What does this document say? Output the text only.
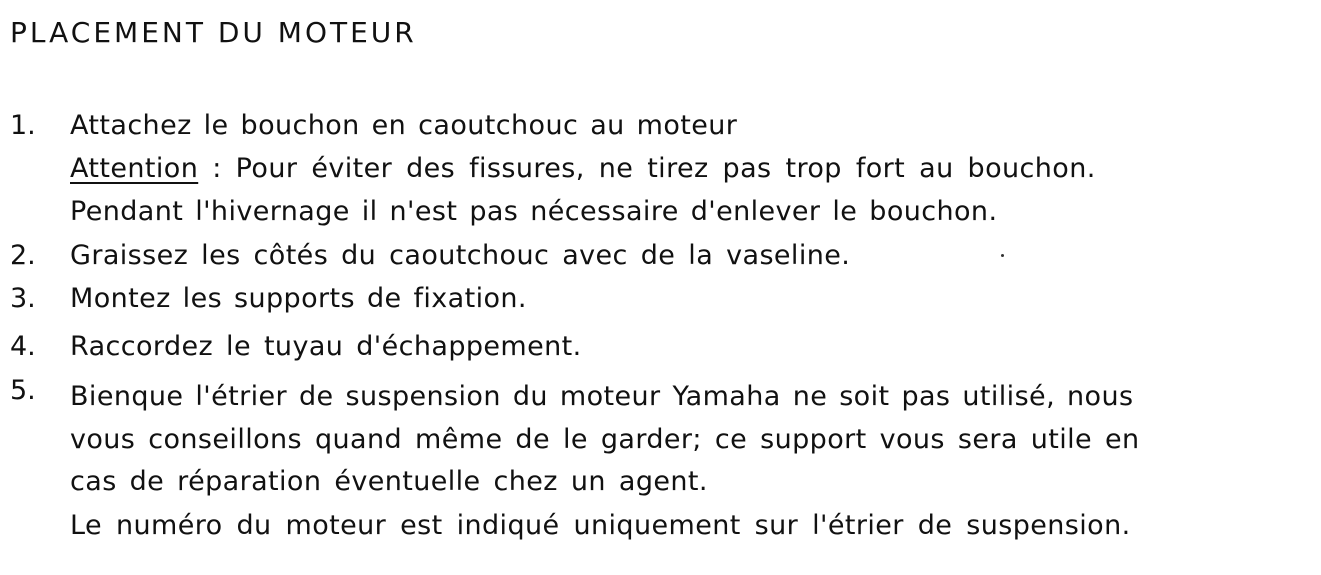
PLACEMENT DU MOTEUR
1. Attachez le bouchon en caoutchouc au moteur
Attention : Pour éviter des fissures, ne tirez pas trop fort au bouchon.
Pendant l'hivernage il n'est pas nécessaire d'enlever le bouchon.
2. Graissez les côtés du caoutchouc avec de la vaseline.
3. Montez les supports de fixation.
4. Raccordez le tuyau d'échappement.
5. Bienque l'étrier de suspension du moteur Yamaha ne soit pas utilisé, nous
vous conseillons quand même de le garder; ce support vous sera utile en
cas de réparation éventuelle chez un agent.
Le numéro du moteur est indiqué uniquement sur l'étrier de suspension.
